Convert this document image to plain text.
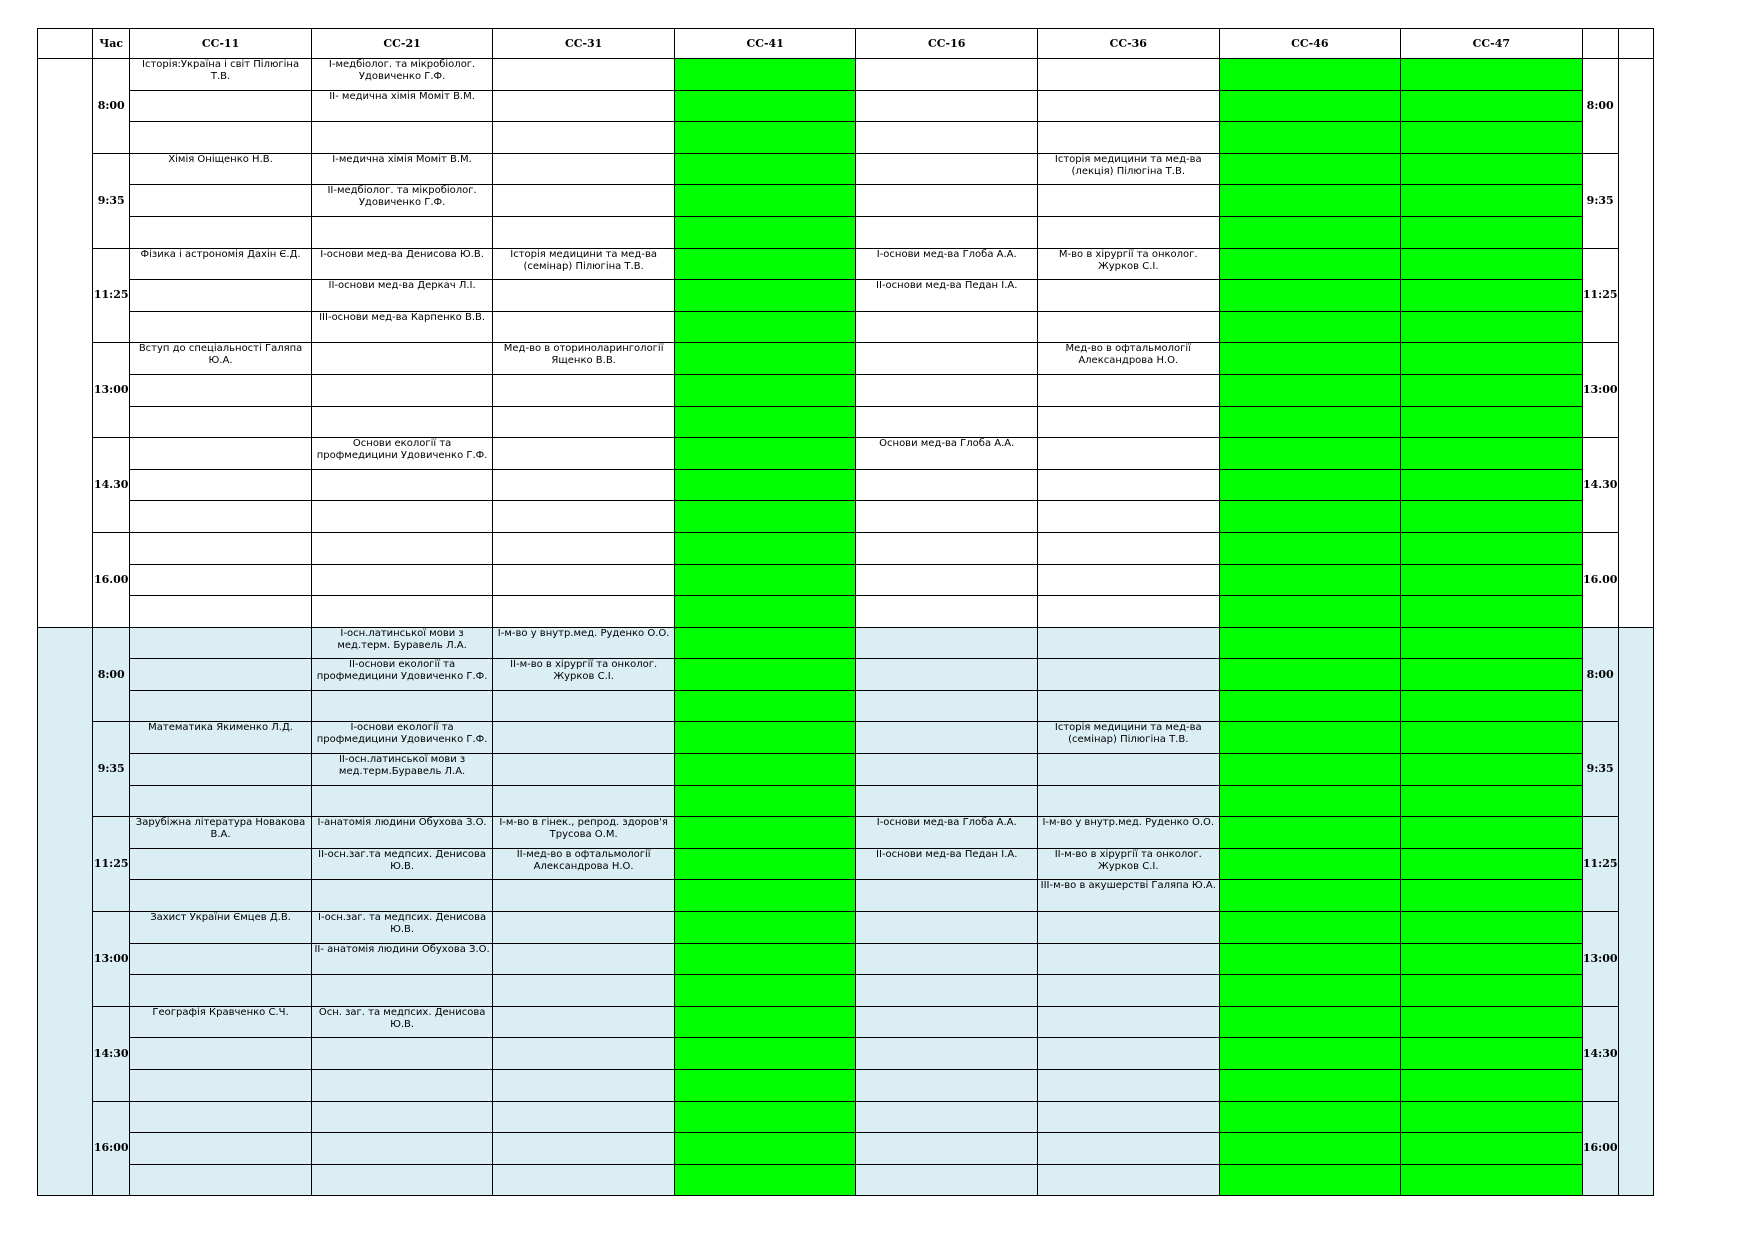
	Час	СС-11	СС-21	СС-31	СС-41	СС-16	СС-36	СС-46	СС-47		
	8:00	Історія:Україна і світ Пілюгіна Т.В.	І-медбіолог. та мікробіолог. Удовиченко Г.Ф.							8:00	
			ІІ- медична хімія Моміт В.М.								

	9:35	Хімія Оніщенко Н.В.	І-медична хімія Моміт В.М.				Історія медицини та мед-ва (лекція) Пілюгіна Т.В.			9:35	
			ІІ-медбіолог. та мікробіолог. Удовиченко Г.Ф.								

	11:25	Фізика і астрономія Дахін Є.Д.	І-основи мед-ва Денисова Ю.В.	Історія медицини та мед-ва (семінар) Пілюгіна Т.В.		І-основи мед-ва Глоба А.А.	М-во в хірургії та онколог. Журков С.І.			11:25	
			ІІ-основи мед-ва Деркач Л.І.			ІІ-основи мед-ва Педан І.А.					
			ІІІ-основи мед-ва Карпенко В.В.								
	13:00	Вступ до спеціальності Галяпа Ю.А.		Мед-во в оториноларингології Ященко В.В.			Мед-во в офтальмології Александрова Н.О.			13:00	

	14.30		Основи екології та профмедицини Удовиченко Г.Ф.			Основи мед-ва Глоба А.А.				14.30	

	16.00									16.00	

	8:00		І-осн.латинської мови з мед.терм. Буравель Л.А.	І-м-во у внутр.мед. Руденко О.О.						8:00	
			ІІ-основи екології та профмедицини Удовиченко Г.Ф.	ІІ-м-во в хірургії та онколог. Журков С.І.							

	9:35	Математика Якименко Л.Д.	І-основи екології та профмедицини Удовиченко Г.Ф.				Історія медицини та мед-ва (семінар) Пілюгіна Т.В.			9:35	
			ІІ-осн.латинської мови з мед.терм.Буравель Л.А.								

	11:25	Зарубіжна література Новакова В.А.	І-анатомія людини Обухова З.О.	І-м-во в гінек., репрод. здоров'я Трусова О.М.		І-основи мед-ва Глоба А.А.	І-м-во у внутр.мед. Руденко О.О.			11:25	
			ІІ-осн.заг.та медпсих. Денисова Ю.В.	ІІ-мед-во в офтальмології Александрова Н.О.		ІІ-основи мед-ва Педан І.А.	ІІ-м-во в хірургії та онколог. Журков С.І.				
							ІІІ-м-во в акушерстві Галяпа Ю.А.				
	13:00	Захист України Ємцев Д.В.	І-осн.заг. та медпсих. Денисова Ю.В.							13:00	
			ІІ- анатомія людини Обухова З.О.								

	14:30	Географія Кравченко С.Ч.	Осн. заг. та медпсих. Денисова Ю.В.							14:30	

	16:00									16:00	
